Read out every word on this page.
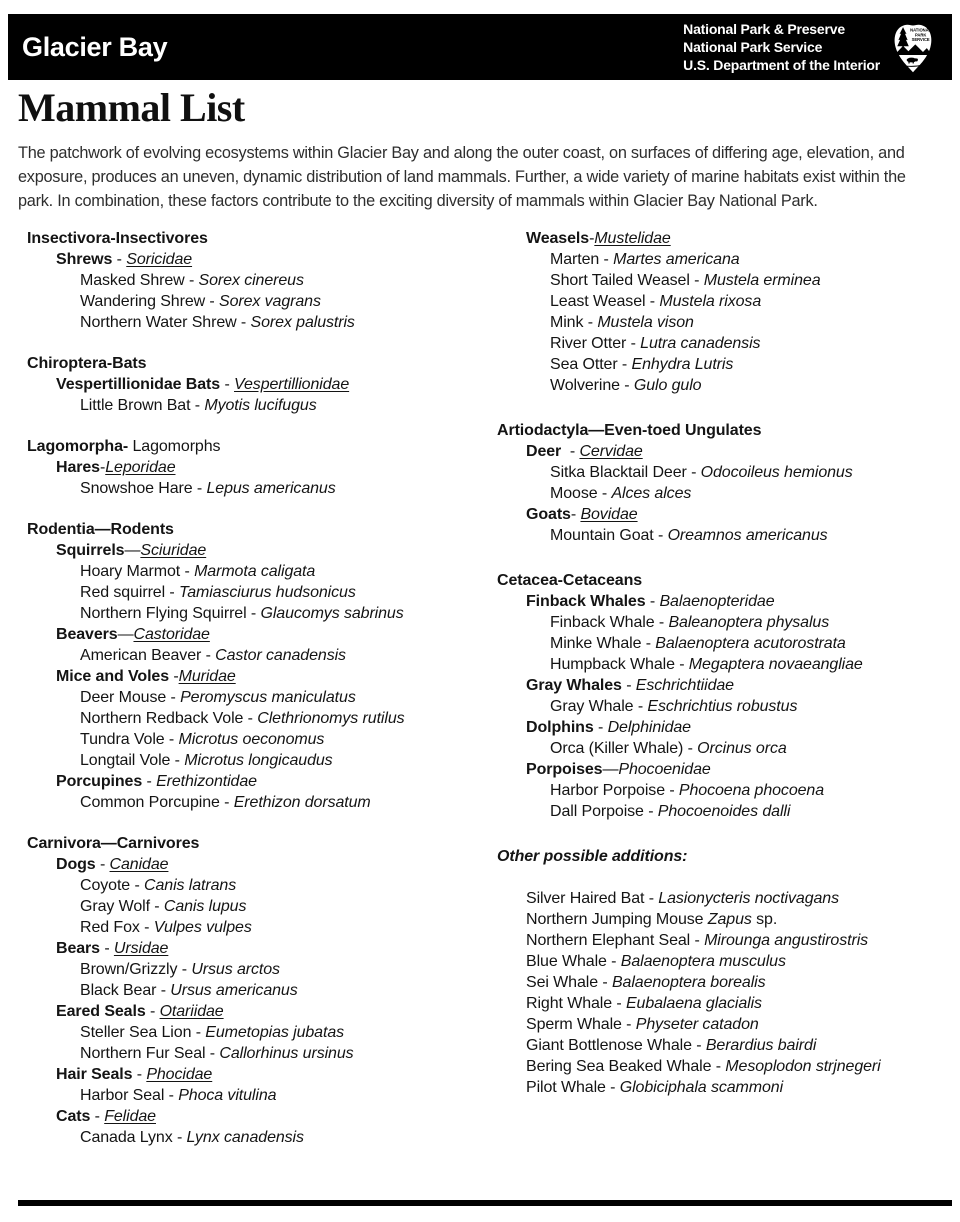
Glacier Bay
National Park & Preserve
National Park Service
U.S. Department of the Interior
NATIONAL
PARK
SERVICE
Mammal List

The patchwork of evolving ecosystems within Glacier Bay and along the outer coast, on surfaces of differing age, elevation, and exposure, produces an uneven, dynamic distribution of land mammals. Further, a wide variety of marine habitats exist within the park. In combination, these factors contribute to the exciting diversity of mammals within Glacier Bay National Park.

Insectivora-Insectivores
Shrews - Soricidae
Masked Shrew - Sorex cinereus
Wandering Shrew - Sorex vagrans
Northern Water Shrew - Sorex palustris
Chiroptera-Bats
Vespertillionidae Bats - Vespertillionidae
Little Brown Bat - Myotis lucifugus
Lagomorpha- Lagomorphs
Hares-Leporidae
Snowshoe Hare - Lepus americanus
Rodentia—Rodents
Squirrels—Sciuridae
Hoary Marmot - Marmota caligata
Red squirrel - Tamiasciurus hudsonicus
Northern Flying Squirrel - Glaucomys sabrinus
Beavers—Castoridae
American Beaver - Castor canadensis
Mice and Voles -Muridae
Deer Mouse - Peromyscus maniculatus
Northern Redback Vole - Clethrionomys rutilus
Tundra Vole - Microtus oeconomus
Longtail Vole - Microtus longicaudus
Porcupines - Erethizontidae
Common Porcupine - Erethizon dorsatum
Carnivora—Carnivores
Dogs - Canidae
Coyote - Canis latrans
Gray Wolf - Canis lupus
Red Fox - Vulpes vulpes
Bears - Ursidae
Brown/Grizzly - Ursus arctos
Black Bear - Ursus americanus
Eared Seals - Otariidae
Steller Sea Lion - Eumetopias jubatas
Northern Fur Seal - Callorhinus ursinus
Hair Seals - Phocidae
Harbor Seal - Phoca vitulina
Cats - Felidae
Canada Lynx - Lynx canadensis
Weasels-Mustelidae
Marten - Martes americana
Short Tailed Weasel - Mustela erminea
Least Weasel - Mustela rixosa
Mink - Mustela vison
River Otter - Lutra canadensis
Sea Otter - Enhydra Lutris
Wolverine - Gulo gulo
Artiodactyla—Even-toed Ungulates
Deer  - Cervidae
Sitka Blacktail Deer - Odocoileus hemionus
Moose - Alces alces
Goats- Bovidae
Mountain Goat - Oreamnos americanus
Cetacea-Cetaceans
Finback Whales - Balaenopteridae
Finback Whale - Baleanoptera physalus
Minke Whale - Balaenoptera acutorostrata
Humpback Whale - Megaptera novaeangliae
Gray Whales - Eschrichtiidae
Gray Whale - Eschrichtius robustus
Dolphins - Delphinidae
Orca (Killer Whale) - Orcinus orca
Porpoises—Phocoenidae
Harbor Porpoise - Phocoena phocoena
Dall Porpoise - Phocoenoides dalli
Other possible additions:
Silver Haired Bat - Lasionycteris noctivagans
Northern Jumping Mouse Zapus sp.
Northern Elephant Seal - Mirounga angustirostris
Blue Whale - Balaenoptera musculus
Sei Whale - Balaenoptera borealis
Right Whale - Eubalaena glacialis
Sperm Whale - Physeter catadon
Giant Bottlenose Whale - Berardius bairdi
Bering Sea Beaked Whale - Mesoplodon strjnegeri
Pilot Whale - Globiciphala scammoni
